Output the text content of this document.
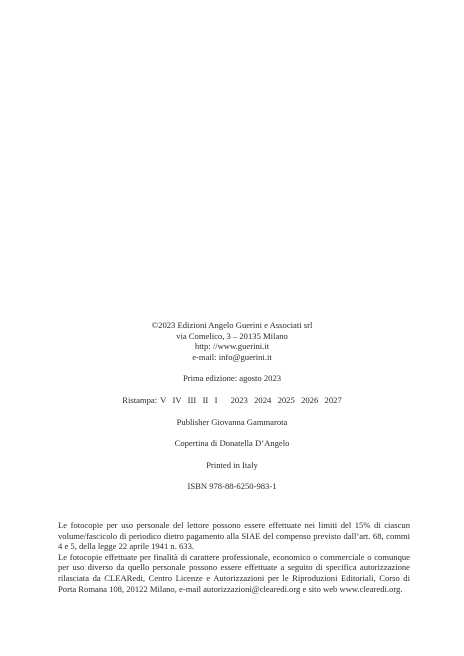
©2023 Edizioni Angelo Guerini e Associati srl
via Comelico, 3 – 20135 Milano
http: //www.guerini.it
e-mail: info@guerini.it
Prima edizione: agosto 2023
Ristampa: V  IV  III  II  I 2023  2024  2025  2026  2027
Publisher Giovanna Gammarota
Copertina di Donatella D’Angelo
Printed in Italy
ISBN 978-88-6250-983-1

Le fotocopie per uso personale del lettore possono essere effettuate nei limiti del 15% di ciascun volume/fascicolo di periodico dietro pagamento alla SIAE del compenso previsto dall’art. 68, commi 4 e 5, della legge 22 aprile 1941 n. 633.

Le fotocopie effettuate per finalità di carattere professionale, economico o commerciale o comunque per uso diverso da quello personale possono essere effettuate a seguito di specifica autorizzazione rilasciata da CLEARedi, Centro Licenze e Autorizzazioni per le Riproduzioni Editoriali, Corso di Porta Romana 108, 20122 Milano, e-mail autorizzazioni@clearedi.org e sito web www.clearedi.org.
